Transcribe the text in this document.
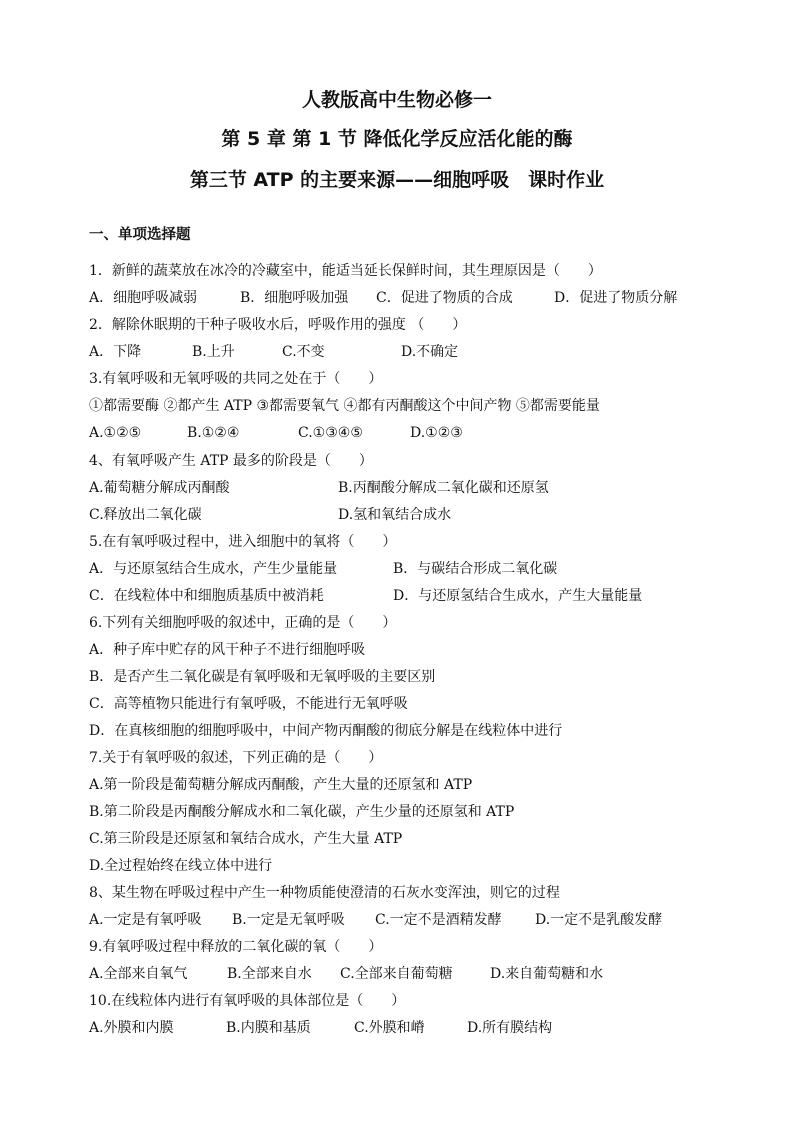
人教版高中生物必修一
第 5 章 第 1 节 降低化学反应活化能的酶
第三节 ATP 的主要来源——细胞呼吸　课时作业
一、单项选择题
1．新鲜的蔬菜放在冰冷的冷藏室中，能适当延长保鲜时间，其生理原因是（　　）
A．细胞呼吸减弱	B．细胞呼吸加强 C．促进了物质的合成	D．促进了物质分解
2．解除休眠期的干种子吸收水后，呼吸作用的强度 （　　）
A．下降	B.上升	C.不变	D.不确定
3.有氧呼吸和无氧呼吸的共同之处在于（　　）
①都需要酶 ②都产生 ATP ③都需要氧气 ④都有丙酮酸这个中间产物 ⑤都需要能量
A.①②⑤	B.①②④	C.①③④⑤	D.①②③
4、有氧呼吸产生 ATP 最多的阶段是（　　）
A.葡萄糖分解成丙酮酸	B.丙酮酸分解成二氧化碳和还原氢
C.释放出二氧化碳	D.氢和氧结合成水
5.在有氧呼吸过程中，进入细胞中的氧将（　　）
A．与还原氢结合生成水，产生少量能量	B．与碳结合形成二氧化碳
C．在线粒体中和细胞质基质中被消耗	D．与还原氢结合生成水，产生大量能量
6.下列有关细胞呼吸的叙述中，正确的是（　　）
A．种子库中贮存的风干种子不进行细胞呼吸
B．是否产生二氧化碳是有氧呼吸和无氧呼吸的主要区别
C．高等植物只能进行有氧呼吸，不能进行无氧呼吸
D．在真核细胞的细胞呼吸中，中间产物丙酮酸的彻底分解是在线粒体中进行
7.关于有氧呼吸的叙述，下列正确的是（　　）
A.第一阶段是葡萄糖分解成丙酮酸，产生大量的还原氢和 ATP
B.第二阶段是丙酮酸分解成水和二氧化碳，产生少量的还原氢和 ATP
C.第三阶段是还原氢和氧结合成水，产生大量 ATP
D.全过程始终在线立体中进行
8、某生物在呼吸过程中产生一种物质能使澄清的石灰水变浑浊，则它的过程
A.一定是有氧呼吸 B.一定是无氧呼吸 C.一定不是酒精发酵 D.一定不是乳酸发酵
9.有氧呼吸过程中释放的二氧化碳的氧（　　）
A.全部来自氧气	B.全部来自水 C.全部来自葡萄糖	D.来自葡萄糖和水
10.在线粒体内进行有氧呼吸的具体部位是（　　）
A.外膜和内膜	B.内膜和基质	C.外膜和嵴	D.所有膜结构
